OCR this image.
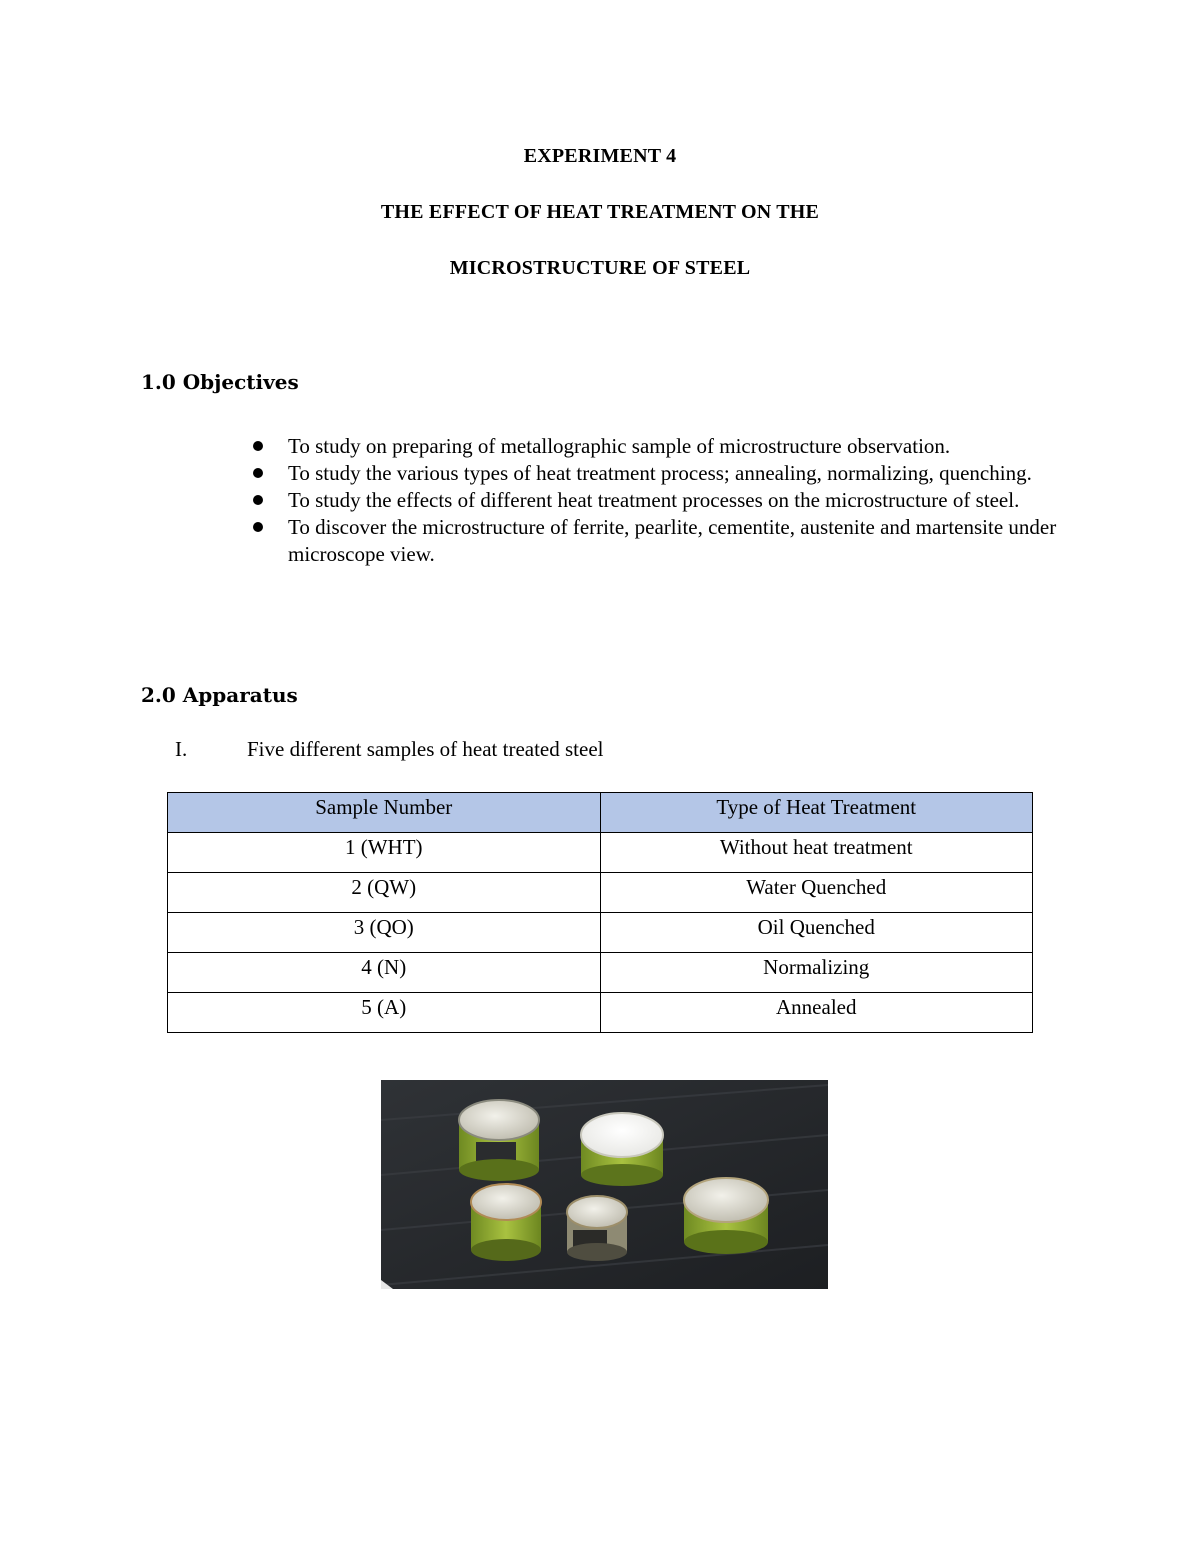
EXPERIMENT 4
THE EFFECT OF HEAT TREATMENT ON THE
MICROSTRUCTURE OF STEEL
1.0 Objectives
To study on preparing of metallographic sample of microstructure observation.
To study the various types of heat treatment process; annealing, normalizing, quenching.
To study the effects of different heat treatment processes on the microstructure of steel.
To discover the microstructure of ferrite, pearlite, cementite, austenite and martensite under microscope view.
2.0 Apparatus
I.	Five different samples of heat treated steel
Sample Number	Type of Heat Treatment
1 (WHT)	Without heat treatment
2 (QW)	Water Quenched
3 (QO)	Oil Quenched
4 (N)	Normalizing
5 (A)	Annealed
